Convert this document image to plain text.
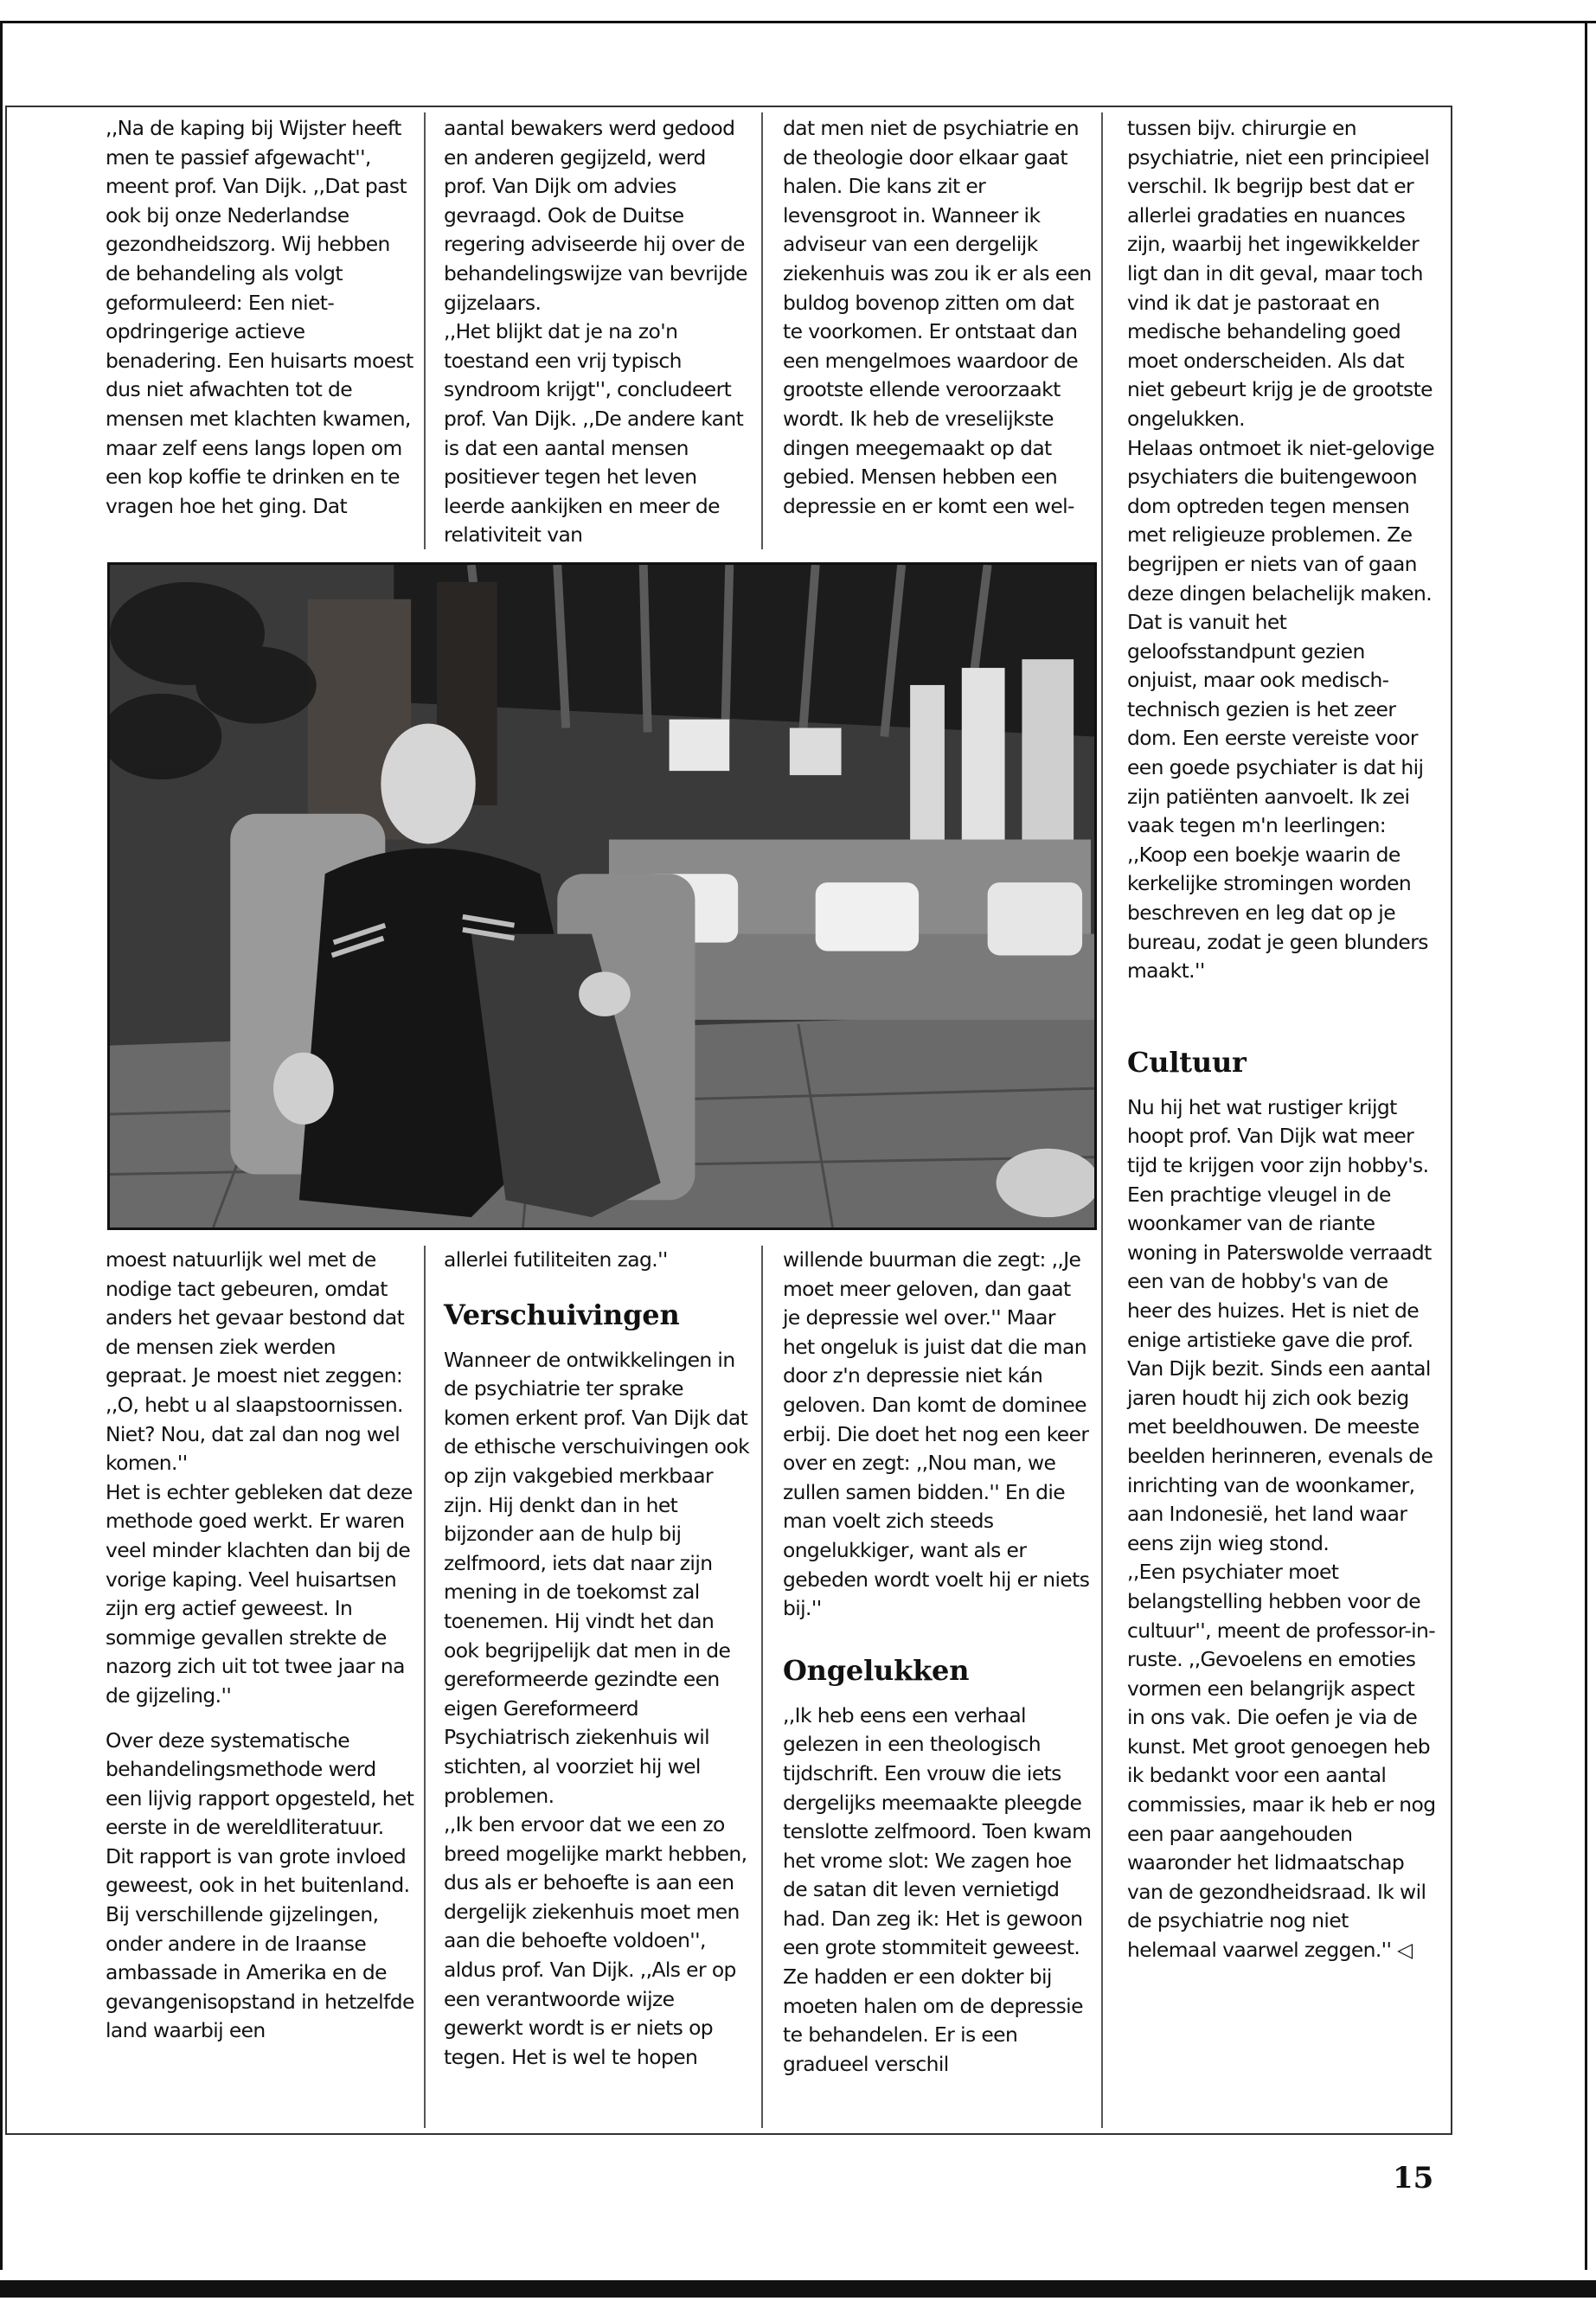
,,Na de kaping bij Wijster heeft men te passief afgewacht'', meent prof. Van Dijk. ,,Dat past ook bij onze Nederlandse gezondheidszorg. Wij hebben de behandeling als volgt geformuleerd: Een niet-opdringerige actieve benadering. Een huisarts moest dus niet afwachten tot de mensen met klachten kwamen, maar zelf eens langs lopen om een kop koffie te drinken en te vragen hoe het ging. Dat

aantal bewakers werd gedood en anderen gegijzeld, werd prof. Van Dijk om advies gevraagd. Ook de Duitse regering adviseerde hij over de behandelingswijze van bevrijde gijzelaars.

,,Het blijkt dat je na zo'n toestand een vrij typisch syndroom krijgt'', concludeert prof. Van Dijk. ,,De andere kant is dat een aantal mensen positiever tegen het leven leerde aankijken en meer de relativiteit van

dat men niet de psychiatrie en de theologie door elkaar gaat halen. Die kans zit er levensgroot in. Wanneer ik adviseur van een dergelijk ziekenhuis was zou ik er als een buldog bovenop zitten om dat te voorkomen. Er ontstaat dan een mengelmoes waardoor de grootste ellende veroorzaakt wordt. Ik heb de vreselijkste dingen meegemaakt op dat gebied. Mensen hebben een depressie en er komt een wel-

tussen bijv. chirurgie en psychiatrie, niet een principieel verschil. Ik begrijp best dat er allerlei gradaties en nuances zijn, waarbij het ingewikkelder ligt dan in dit geval, maar toch vind ik dat je pastoraat en medische behandeling goed moet onderscheiden. Als dat niet gebeurt krijg je de grootste ongelukken.

Helaas ontmoet ik niet-gelovige psychiaters die buitengewoon dom optreden tegen mensen met religieuze problemen. Ze begrijpen er niets van of gaan deze dingen belachelijk maken. Dat is vanuit het geloofsstandpunt gezien onjuist, maar ook medisch-technisch gezien is het zeer dom. Een eerste vereiste voor een goede psychiater is dat hij zijn patiënten aanvoelt. Ik zei vaak tegen m'n leerlingen: ,,Koop een boekje waarin de kerkelijke stromingen worden beschreven en leg dat op je bureau, zodat je geen blunders maakt.''

Cultuur

Nu hij het wat rustiger krijgt hoopt prof. Van Dijk wat meer tijd te krijgen voor zijn hobby's. Een prachtige vleugel in de woonkamer van de riante woning in Paterswolde verraadt een van de hobby's van de heer des huizes. Het is niet de enige artistieke gave die prof. Van Dijk bezit. Sinds een aantal jaren houdt hij zich ook bezig met beeldhouwen. De meeste beelden herinneren, evenals de inrichting van de woonkamer, aan Indonesië, het land waar eens zijn wieg stond.

,,Een psychiater moet belangstelling hebben voor de cultuur'', meent de professor-in-ruste. ,,Gevoelens en emoties vormen een belangrijk aspect in ons vak. Die oefen je via de kunst. Met groot genoegen heb ik bedankt voor een aantal commissies, maar ik heb er nog een paar aangehouden waaronder het lidmaatschap van de gezondheidsraad. Ik wil de psychiatrie nog niet helemaal vaarwel zeggen.'' ◁

moest natuurlijk wel met de nodige tact gebeuren, omdat anders het gevaar bestond dat de mensen ziek werden gepraat. Je moest niet zeggen: ,,O, hebt u al slaapstoornissen. Niet? Nou, dat zal dan nog wel komen.''

Het is echter gebleken dat deze methode goed werkt. Er waren veel minder klachten dan bij de vorige kaping. Veel huisartsen zijn erg actief geweest. In sommige gevallen strekte de nazorg zich uit tot twee jaar na de gijzeling.''

Over deze systematische behandelingsmethode werd een lijvig rapport opgesteld, het eerste in de wereldliteratuur. Dit rapport is van grote invloed geweest, ook in het buitenland. Bij verschillende gijzelingen, onder andere in de Iraanse ambassade in Amerika en de gevangenisopstand in hetzelfde land waarbij een

allerlei futiliteiten zag.''

Verschuivingen

Wanneer de ontwikkelingen in de psychiatrie ter sprake komen erkent prof. Van Dijk dat de ethische verschuivingen ook op zijn vakgebied merkbaar zijn. Hij denkt dan in het bijzonder aan de hulp bij zelfmoord, iets dat naar zijn mening in de toekomst zal toenemen. Hij vindt het dan ook begrijpelijk dat men in de gereformeerde gezindte een eigen Gereformeerd Psychiatrisch ziekenhuis wil stichten, al voorziet hij wel problemen.

,,Ik ben ervoor dat we een zo breed mogelijke markt hebben, dus als er behoefte is aan een dergelijk ziekenhuis moet men aan die behoefte voldoen'', aldus prof. Van Dijk. ,,Als er op een verantwoorde wijze gewerkt wordt is er niets op tegen. Het is wel te hopen

willende buurman die zegt: ,,Je moet meer geloven, dan gaat je depressie wel over.'' Maar het ongeluk is juist dat die man door z'n depressie niet kán geloven. Dan komt de dominee erbij. Die doet het nog een keer over en zegt: ,,Nou man, we zullen samen bidden.'' En die man voelt zich steeds ongelukkiger, want als er gebeden wordt voelt hij er niets bij.''

Ongelukken

,,Ik heb eens een verhaal gelezen in een theologisch tijdschrift. Een vrouw die iets dergelijks meemaakte pleegde tenslotte zelfmoord. Toen kwam het vrome slot: We zagen hoe de satan dit leven vernietigd had. Dan zeg ik: Het is gewoon een grote stommiteit geweest. Ze hadden er een dokter bij moeten halen om de depressie te behandelen. Er is een gradueel verschil

15
